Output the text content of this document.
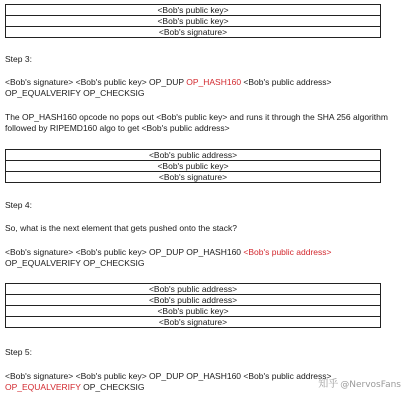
<Bob's public key>
<Bob's public key>
<Bob's signature>

Step 3:

<Bob's signature> <Bob's public key> OP_DUP OP_HASH160 <Bob's public address>
OP_EQUALVERIFY OP_CHECKSIG

The OP_HASH160 opcode no pops out <Bob's public key> and runs it through the SHA 256 algorithm followed by RIPEMD160 algo to get <Bob's public address>

<Bob's public address>
<Bob's public key>
<Bob's signature>

Step 4:

So, what is the next element that gets pushed onto the stack?

<Bob's signature> <Bob's public key> OP_DUP OP_HASH160 <Bob's public address>
OP_EQUALVERIFY OP_CHECKSIG

<Bob's public address>
<Bob's public address>
<Bob's public key>
<Bob's signature>

Step 5:

<Bob's signature> <Bob's public key> OP_DUP OP_HASH160 <Bob's public address>
OP_EQUALVERIFY OP_CHECKSIG	知乎 @NervosFans
